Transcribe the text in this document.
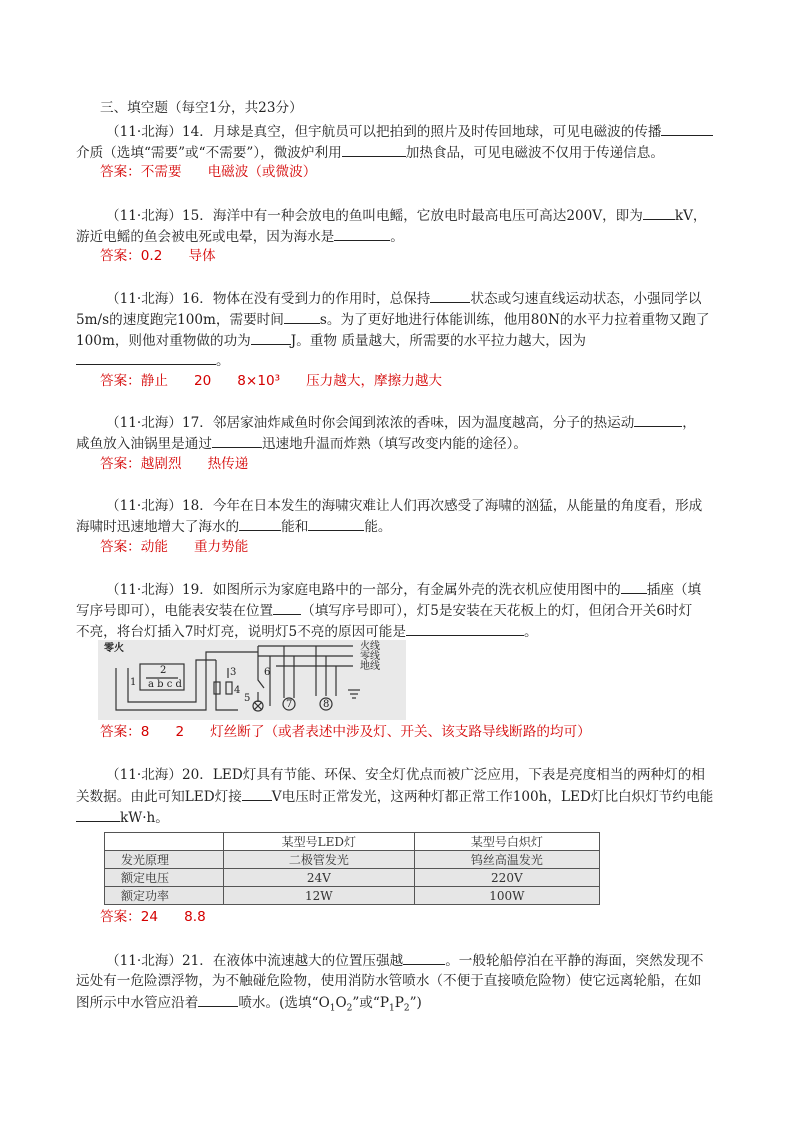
三、填空题（每空1分，共23分）

（11·北海）14．月球是真空，但宇航员可以把拍到的照片及时传回地球，可见电磁波的传播

介质（选填“需要”或“不需要”），微波炉利用	加热食品，可见电磁波不仅用于传递信息。

答案：不需要 电磁波（或微波）

（11·北海）15．海洋中有一种会放电的鱼叫电鳐，它放电时最高电压可高达200V，即为 kV，

游近电鳐的鱼会被电死或电晕，因为海水是	。

答案：0.2 导体

（11·北海）16．物体在没有受到力的作用时，总保持	状态或匀速直线运动状态，小强同学以

5m/s的速度跑完100m，需要时间	s。为了更好地进行体能训练，他用80N的水平力拉着重物又跑了

100m，则他对重物做的功为	J。重物 质量越大，所需要的水平拉力越大，因为

。

答案：静止 20 8×10³ 压力越大，摩擦力越大

（11·北海）17．邻居家油炸咸鱼时你会闻到浓浓的香味，因为温度越高，分子的热运动	，

咸鱼放入油锅里是通过	迅速地升温而炸熟（填写改变内能的途径）。

答案：越剧烈 热传递

（11·北海）18．今年在日本发生的海啸灾难让人们再次感受了海啸的汹猛，从能量的角度看，形成

海啸时迅速地增大了海水的	能和	能。

答案：动能 重力势能

（11·北海）19．如图所示为家庭电路中的一部分，有金属外壳的洗衣机应使用图中的 插座（填

写序号即可），电能表安装在位置 （填写序号即可），灯5是安装在天花板上的灯，但闭合开关6时灯

不亮，将台灯插入7时灯亮，说明灯5不亮的原因可能是	。

零火	火线
零线
地线
1
2
a b c d
3
4
5
6
7	8

答案：8 2 灯丝断了（或者表述中涉及灯、开关、该支路导线断路的均可）

（11·北海）20．LED灯具有节能、环保、安全灯优点而被广泛应用，下表是亮度相当的两种灯的相

关数据。由此可知LED灯接 V电压时正常发光，这两种灯都正常工作100h，LED灯比白炽灯节约电能

kW·h。

	某型号LED灯	某型号白炽灯
发光原理	二极管发光	钨丝高温发光
额定电压	24V	220V
额定功率	12W	100W

答案：24 8.8

（11·北海）21．在液体中流速越大的位置压强越	。一般轮船停泊在平静的海面，突然发现不

远处有一危险漂浮物，为不触碰危险物，使用消防水管喷水（不便于直接喷危险物）使它远离轮船，在如

图所示中水管应沿着	喷水。(选填“$O_1O_2$”或“$P_1P_2$”)
